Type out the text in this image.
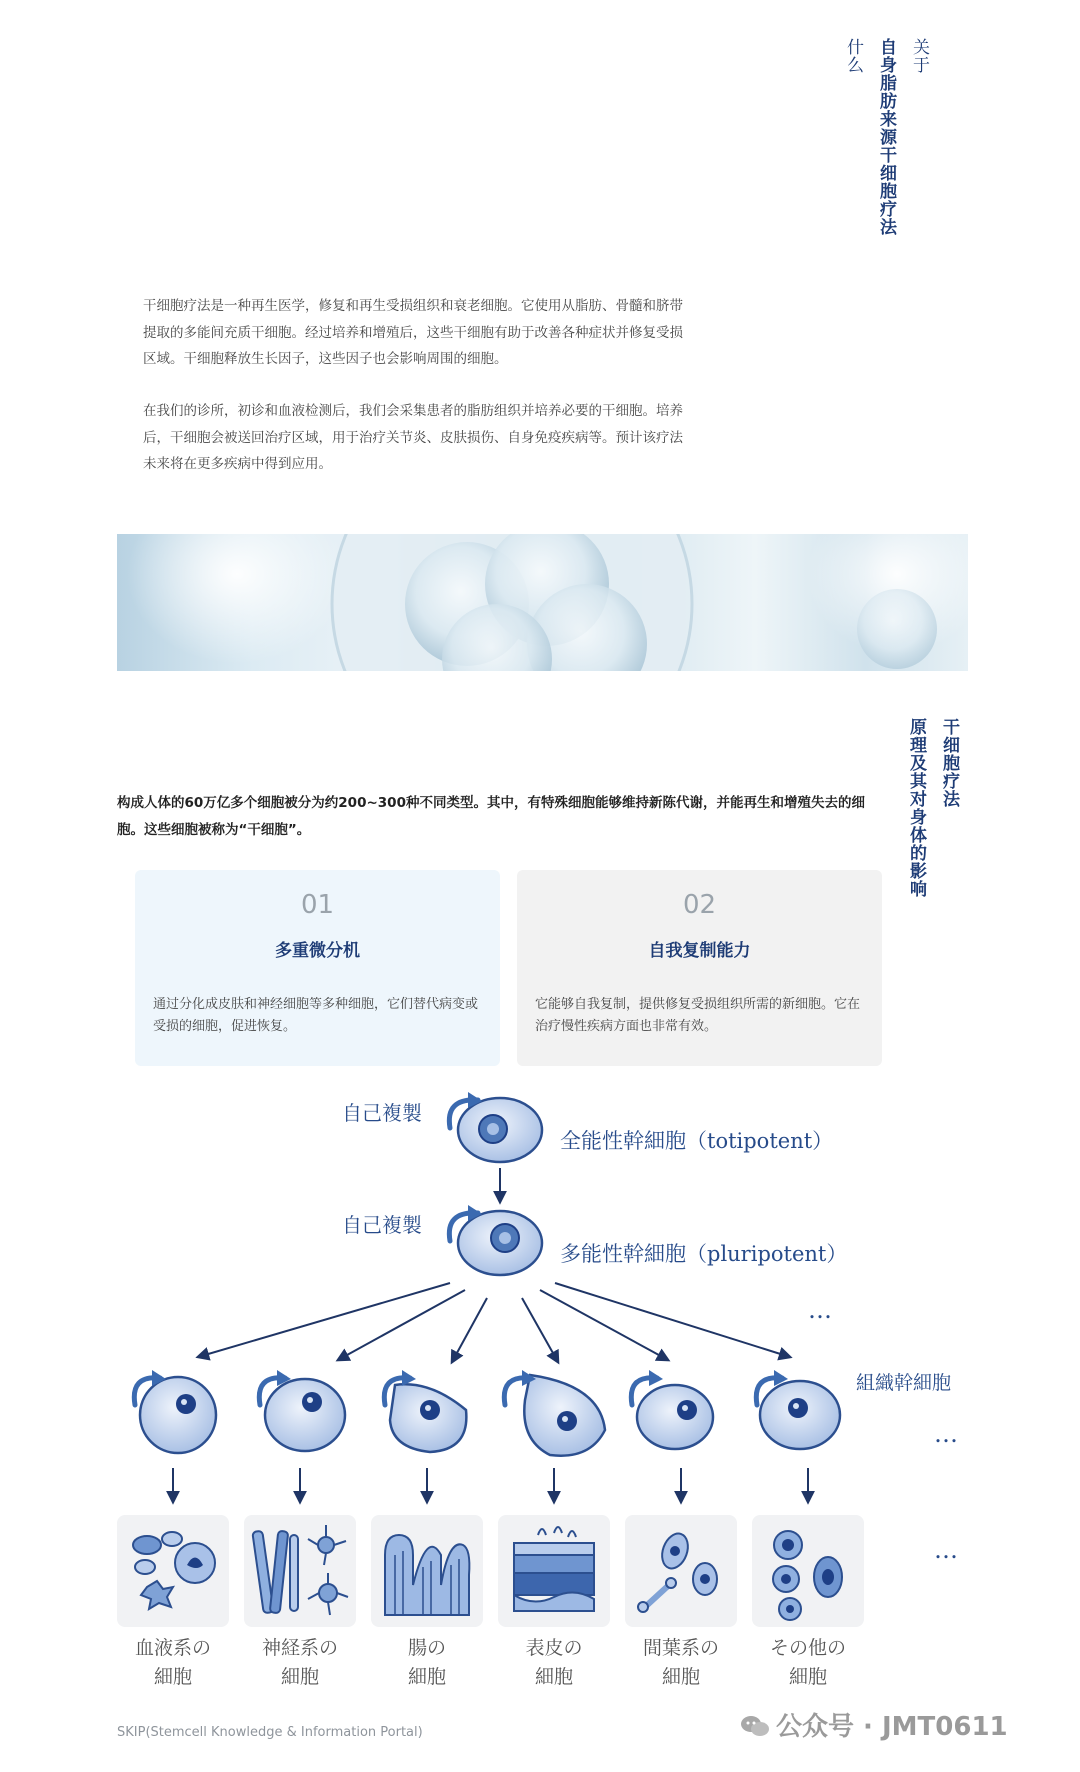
关于
自身脂肪来源干细胞疗法
什么
干细胞疗法是一种再生医学，修复和再生受损组织和衰老细胞。它使用从脂肪、骨髓和脐带提取的多能间充质干细胞。经过培养和增殖后，这些干细胞有助于改善各种症状并修复受损区域。干细胞释放生长因子，这些因子也会影响周围的细胞。
在我们的诊所，初诊和血液检测后，我们会采集患者的脂肪组织并培养必要的干细胞。培养后，干细胞会被送回治疗区域，用于治疗关节炎、皮肤损伤、自身免疫疾病等。预计该疗法未来将在更多疾病中得到应用。
干细胞疗法
原理及其对身体的影响
构成人体的60万亿多个细胞被分为约200~300种不同类型。其中，有特殊细胞能够维持新陈代谢，并能再生和增殖失去的细胞。这些细胞被称为“干细胞”。
01
多重微分机
通过分化成皮肤和神经细胞等多种细胞，它们替代病变或受损的细胞，促进恢复。
02
自我复制能力
它能够自我复制，提供修复受损组织所需的新细胞。它在治疗慢性疾病方面也非常有效。
自己複製
全能性幹細胞（totipotent）
自己複製
多能性幹細胞（pluripotent）
…
組織幹細胞
…
…
血液系の
細胞
神経系の
細胞
腸の
細胞
表皮の
細胞
間葉系の
細胞
その他の
細胞
SKIP(Stemcell Knowledge & Information Portal)	公众号 · JMT0611
